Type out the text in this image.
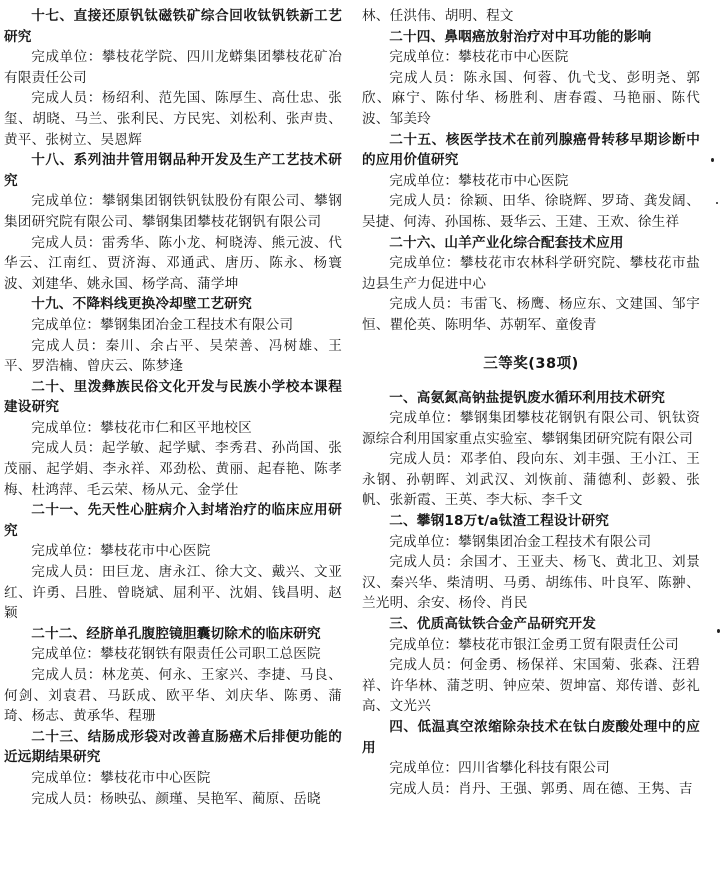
十七、直接还原钒钛磁铁矿综合回收钛钒铁新工艺研究

完成单位：攀枝花学院、四川龙蟒集团攀枝花矿冶有限责任公司

完成人员：杨绍利、范先国、陈厚生、高仕忠、张玺、胡晓、马兰、张利民、方民宪、刘松利、张声贵、黄平、张树立、吴恩辉

十八、系列油井管用钢品种开发及生产工艺技术研究

完成单位：攀钢集团钢铁钒钛股份有限公司、攀钢集团研究院有限公司、攀钢集团攀枝花钢钒有限公司

完成人员：雷秀华、陈小龙、柯晓涛、熊元波、代华云、江南红、贾济海、邓通武、唐历、陈永、杨寰波、刘建华、姚永国、杨学高、蒲学坤

十九、不降料线更换冷却壁工艺研究

完成单位：攀钢集团冶金工程技术有限公司

完成人员：秦川、余占平、吴荣善、冯树雄、王平、罗浩楠、曾庆云、陈梦逢

二十、里泼彝族民俗文化开发与民族小学校本课程建设研究

完成单位：攀枝花市仁和区平地校区

完成人员：起学敏、起学赋、李秀君、孙尚国、张茂丽、起学娟、李永祥、邓劲松、黄丽、起春艳、陈孝梅、杜鸿萍、毛云荣、杨从元、金学仕

二十一、先天性心脏病介入封堵治疗的临床应用研究

完成单位：攀枝花市中心医院

完成人员：田巨龙、唐永江、徐大文、戴兴、文亚红、许勇、吕胜、曾晓斌、屈利平、沈娟、钱昌明、赵颖

二十二、经脐单孔腹腔镜胆囊切除术的临床研究

完成单位：攀枝花钢铁有限责任公司职工总医院

完成人员：林龙英、何永、王家兴、李捷、马良、何剑、刘袁君、马跃成、欧平华、刘庆华、陈勇、蒲琦、杨志、黄承华、程珊

二十三、结肠成形袋对改善直肠癌术后排便功能的近远期结果研究

完成单位：攀枝花市中心医院

完成人员：杨映弘、颜瑾、吴艳军、蔺原、岳晓

林、任洪伟、胡明、程文

二十四、鼻咽癌放射治疗对中耳功能的影响

完成单位：攀枝花市中心医院

完成人员：陈永国、何蓉、仇弋戈、彭明尧、郭欣、麻宁、陈付华、杨胜利、唐春霞、马艳丽、陈代波、邹美玲

二十五、核医学技术在前列腺癌骨转移早期诊断中的应用价值研究

完成单位：攀枝花市中心医院

完成人员：徐颖、田华、徐晓辉、罗琦、龚发阔、吴捷、何涛、孙国栋、聂华云、王建、王欢、徐生祥

二十六、山羊产业化综合配套技术应用

完成单位：攀枝花市农林科学研究院、攀枝花市盐边县生产力促进中心

完成人员：韦雷飞、杨鹰、杨应东、文建国、邹宇恒、瞿伦英、陈明华、苏朝军、童俊青

三等奖(38项)

一、高氨氮高钠盐提钒废水循环利用技术研究

完成单位：攀钢集团攀枝花钢钒有限公司、钒钛资源综合利用国家重点实验室、攀钢集团研究院有限公司

完成人员：邓孝伯、段向东、刘丰强、王小江、王永钢、孙朝晖、刘武汉、刘恢前、蒲德利、彭毅、张帆、张新霞、王英、李大标、李千文

二、攀钢18万t/a钛渣工程设计研究

完成单位：攀钢集团冶金工程技术有限公司

完成人员：余国才、王亚夫、杨飞、黄北卫、刘景汉、秦兴华、柴清明、马勇、胡练伟、叶良军、陈翀、兰光明、余安、杨伶、肖民

三、优质高钛铁合金产品研究开发

完成单位：攀枝花市银江金勇工贸有限责任公司

完成人员：何金勇、杨保祥、宋国菊、张森、汪碧祥、许华林、蒲芝明、钟应荣、贺坤富、郑传谱、彭礼高、文光兴

四、低温真空浓缩除杂技术在钛白废酸处理中的应用

完成单位：四川省攀化科技有限公司

完成人员：肖丹、王强、郭勇、周在德、王隽、吉
